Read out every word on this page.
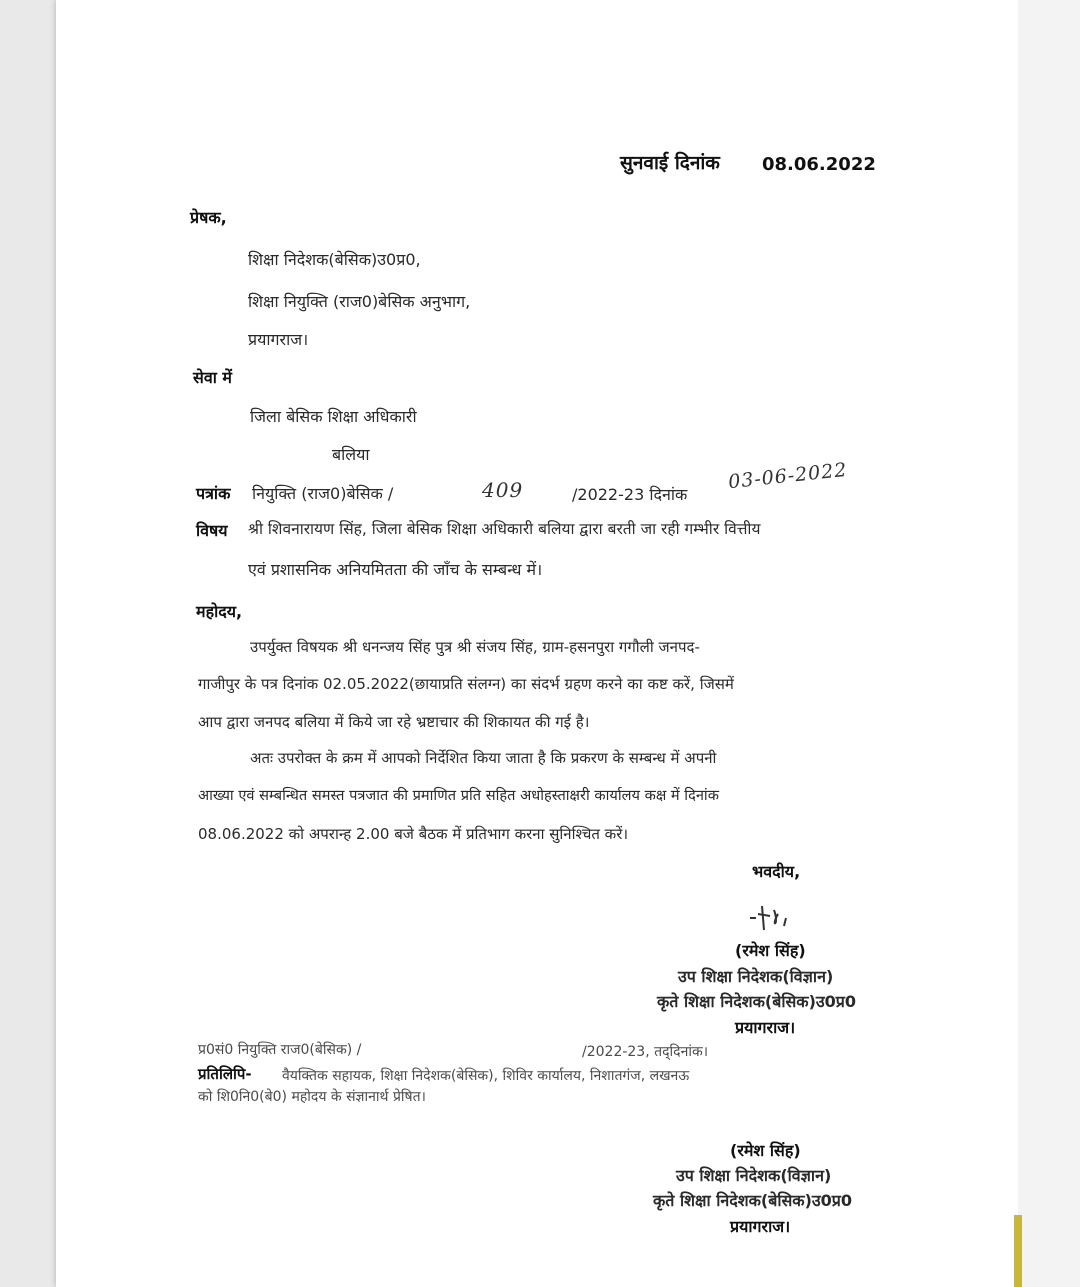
सुनवाई दिनांक 08.06.2022
प्रेषक,
शिक्षा निदेशक(बेसिक)उ0प्र0,
शिक्षा नियुक्ति (राज0)बेसिक अनुभाग,
प्रयागराज।
सेवा में
जिला बेसिक शिक्षा अधिकारी
बलिया
पत्रांक नियुक्ति (राज0)बेसिक /	409	/2022-23 दिनांक
03-06-2022
विषय श्री शिवनारायण सिंह, जिला बेसिक शिक्षा अधिकारी बलिया द्वारा बरती जा रही गम्भीर वित्तीय
एवं प्रशासनिक अनियमितता की जाँच के सम्बन्ध में।
महोदय,
उपर्युक्त विषयक श्री धनन्जय सिंह पुत्र श्री संजय सिंह, ग्राम-हसनपुरा गगौली जनपद-
गाजीपुर के पत्र दिनांक 02.05.2022(छायाप्रति संलग्न) का संदर्भ ग्रहण करने का कष्ट करें, जिसमें
आप द्वारा जनपद बलिया में किये जा रहे भ्रष्टाचार की शिकायत की गई है।
अतः उपरोक्त के क्रम में आपको निर्देशित किया जाता है कि प्रकरण के सम्बन्ध में अपनी
आख्या एवं सम्बन्धित समस्त पत्रजात की प्रमाणित प्रति सहित अधोहस्ताक्षरी कार्यालय कक्ष में दिनांक
08.06.2022 को अपरान्ह 2.00 बजे बैठक में प्रतिभाग करना सुनिश्चित करें।
भवदीय,
(रमेश सिंह)
उप शिक्षा निदेशक(विज्ञान)
कृते शिक्षा निदेशक(बेसिक)उ0प्र0
प्रयागराज।
प्र0सं0 नियुक्ति राज0(बेसिक) /	/2022-23, तद्‌दिनांक।
प्रतिलिपि- वैयक्तिक सहायक, शिक्षा निदेशक(बेसिक), शिविर कार्यालय, निशातगंज, लखनऊ
को शि0नि0(बे0) महोदय के संज्ञानार्थ प्रेषित।
(रमेश सिंह)
उप शिक्षा निदेशक(विज्ञान)
कृते शिक्षा निदेशक(बेसिक)उ0प्र0
प्रयागराज।
